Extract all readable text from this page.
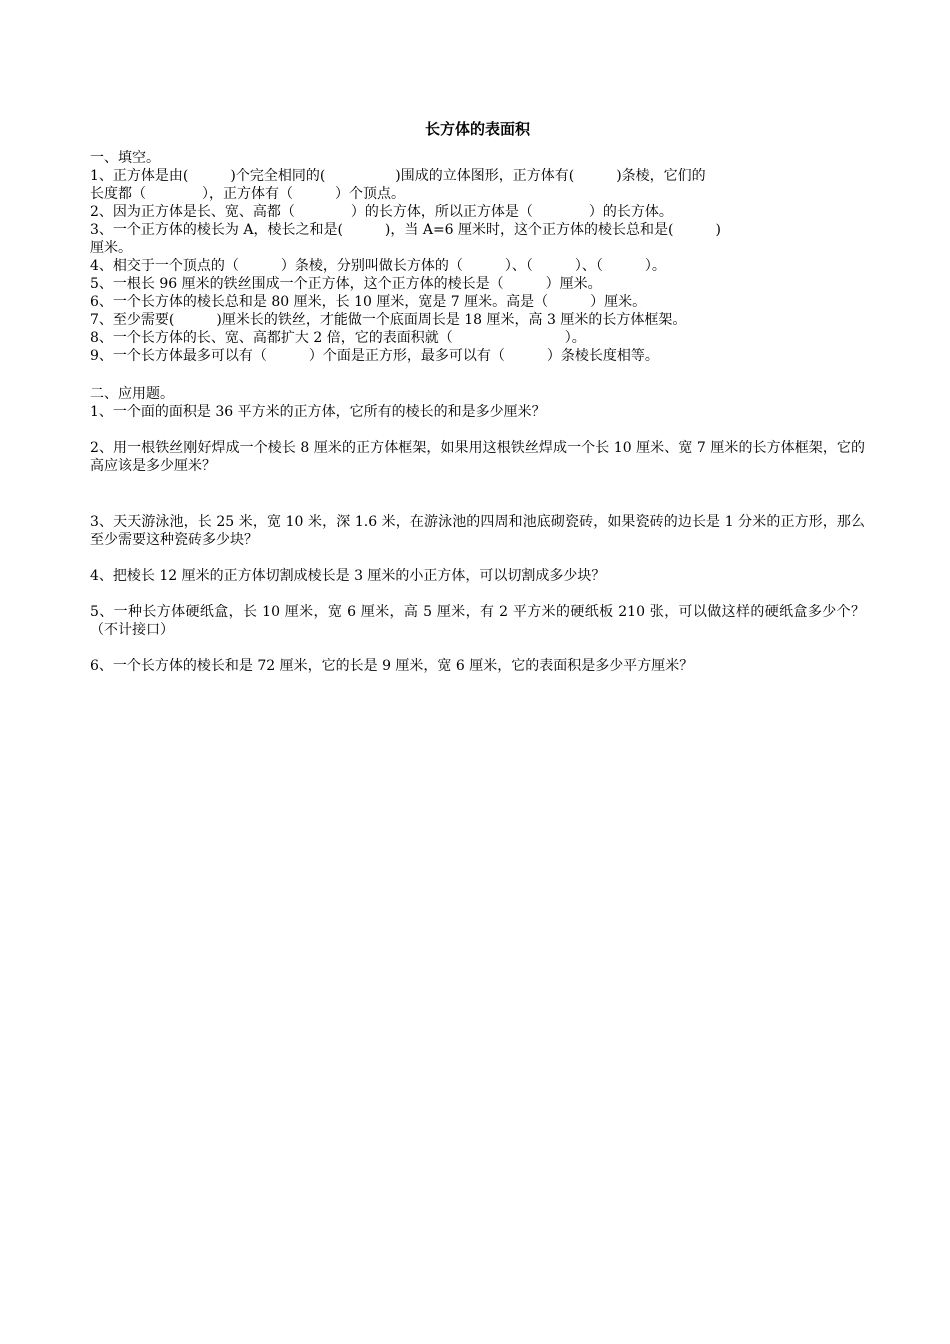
长方体的表面积

一、填空。

1、正方体是由(　　　)个完全相同的(　　　　　)围成的立体图形，正方体有(　　　)条棱，它们的

长度都（　　　　），正方体有（　　　）个顶点。

2、因为正方体是长、宽、高都（　　　　）的长方体，所以正方体是（　　　　）的长方体。

3、一个正方体的棱长为 A，棱长之和是(　　　)，当 A=6 厘米时，这个正方体的棱长总和是(　　　)

厘米。

4、相交于一个顶点的（　　　）条棱，分别叫做长方体的（　　　）、（　　　）、（　　　）。

5、一根长 96 厘米的铁丝围成一个正方体，这个正方体的棱长是（　　　）厘米。

6、一个长方体的棱长总和是 80 厘米，长 10 厘米，宽是 7 厘米。高是（　　　）厘米。

7、至少需要(　　　)厘米长的铁丝，才能做一个底面周长是 18 厘米，高 3 厘米的长方体框架。

8、一个长方体的长、宽、高都扩大 2 倍，它的表面积就（　　　　　　　　）。

9、一个长方体最多可以有（　　　）个面是正方形，最多可以有（　　　）条棱长度相等。

二、应用题。

1、一个面的面积是 36 平方米的正方体，它所有的棱长的和是多少厘米？

2、用一根铁丝刚好焊成一个棱长 8 厘米的正方体框架，如果用这根铁丝焊成一个长 10 厘米、宽 7 厘米的长方体框架，它的高应该是多少厘米？

3、天天游泳池，长 25 米，宽 10 米，深 1.6 米，在游泳池的四周和池底砌瓷砖，如果瓷砖的边长是 1 分米的正方形，那么至少需要这种瓷砖多少块？

4、把棱长 12 厘米的正方体切割成棱长是 3 厘米的小正方体，可以切割成多少块？

5、一种长方体硬纸盒，长 10 厘米，宽 6 厘米，高 5 厘米，有 2 平方米的硬纸板 210 张，可以做这样的硬纸盒多少个？（不计接口）

6、一个长方体的棱长和是 72 厘米，它的长是 9 厘米，宽 6 厘米，它的表面积是多少平方厘米？
